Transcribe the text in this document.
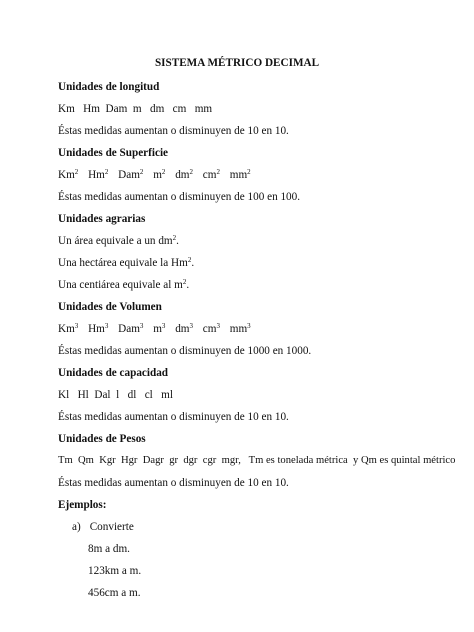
SISTEMA MÉTRICO DECIMAL
Unidades de longitud
Km   Hm  Dam  m   dm   cm   mm
Éstas medidas aumentan o disminuyen de 10 en 10.
Unidades de Superficie
Km$^2$ Hm$^2$ Dam$^2$ $m^2$ $dm^2$ $cm^2$ $mm^2$
Éstas medidas aumentan o disminuyen de 100 en 100.
Unidades agrarias
Un área equivale a un $dm^2$.
Una hectárea equivale la Hm$^2$.
Una centiárea equivale al $m^2$.
Unidades de Volumen
Km$^3$ Hm$^3$ Dam$^3$ $m^3$ $dm^3$ $cm^3$ $mm^3$
Éstas medidas aumentan o disminuyen de 1000 en 1000.
Unidades de capacidad
Kl   Hl  Dal  l   dl   cl   ml
Éstas medidas aumentan o disminuyen de 10 en 10.
Unidades de Pesos
Tm  Qm  Kgr  Hgr  Dagr  gr  dgr  cgr  mgr,   Tm es tonelada métrica  y Qm es quintal métrico
Éstas medidas aumentan o disminuyen de 10 en 10.
Ejemplos:
a) Convierte
8m a dm.
123km a m.
456cm a m.
